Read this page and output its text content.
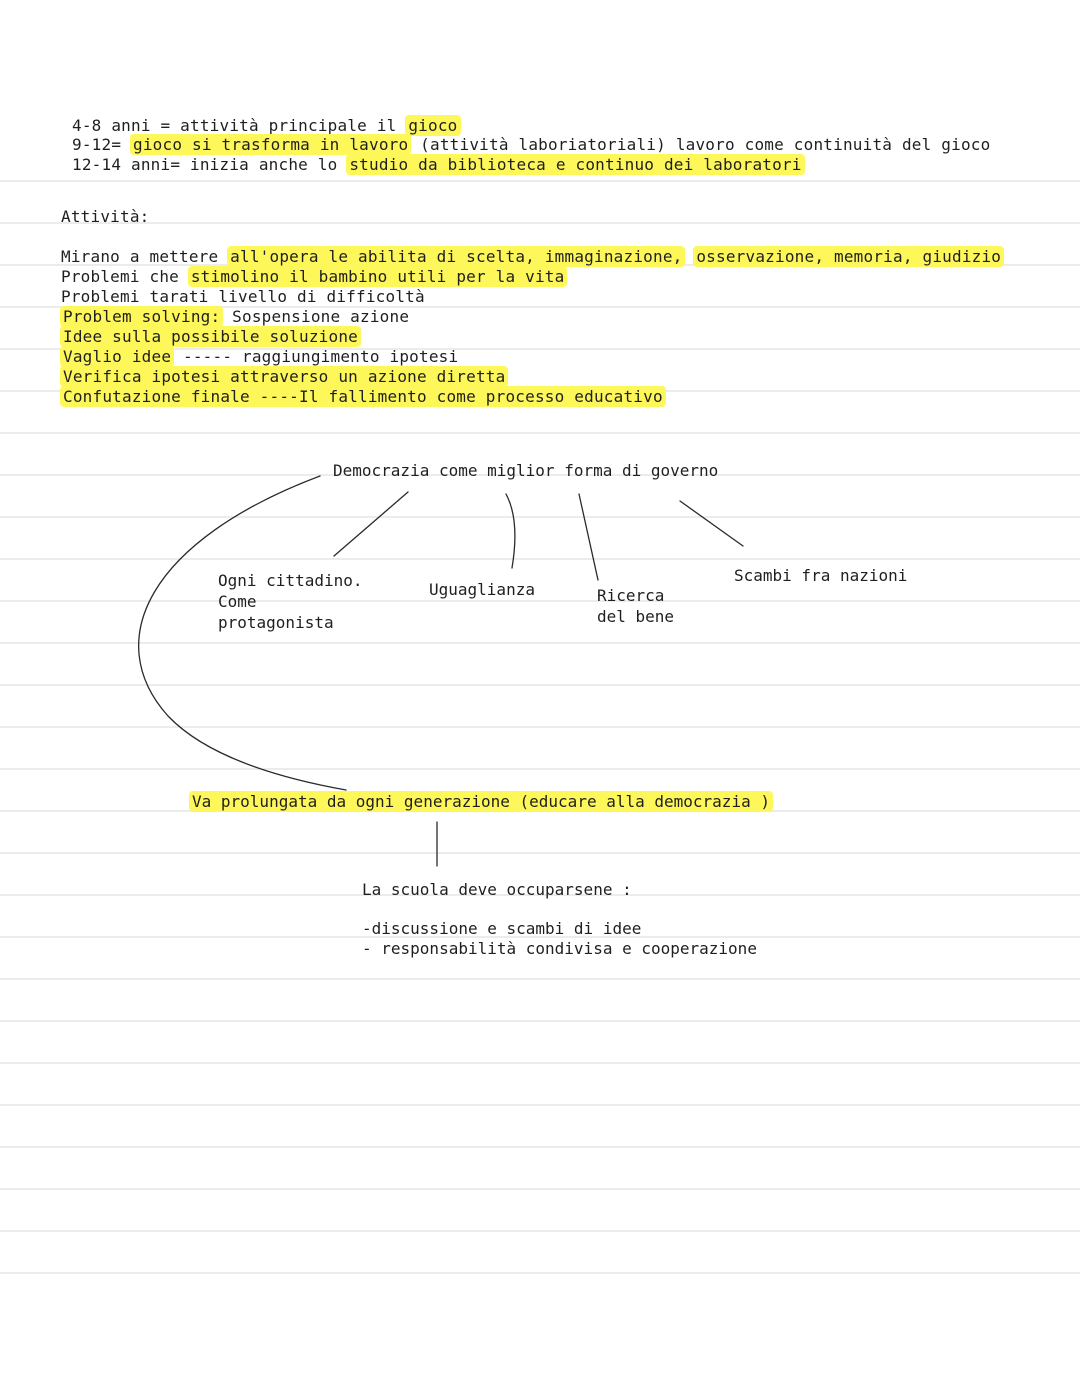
4-8 anni = attività principale il gioco
9-12= gioco si trasforma in lavoro (attività laboriatoriali) lavoro come continuità del gioco
12-14 anni= inizia anche lo studio da biblioteca e continuo dei laboratori
Attività:
Mirano a mettere all'opera le abilita di scelta, immaginazione, osservazione, memoria, giudizio
Problemi che stimolino il bambino utili per la vita
Problemi tarati livello di difficoltà
Problem solving: Sospensione azione
Idee sulla possibile soluzione
Vaglio idee ----- raggiungimento ipotesi
Verifica ipotesi attraverso un azione diretta
Confutazione finale ----Il fallimento come processo educativo
Democrazia come miglior forma di governo
Ogni cittadino.
Come
protagonista
Uguaglianza	Ricerca
del bene
Scambi fra nazioni
Va prolungata da ogni generazione (educare alla democrazia )
La scuola deve occuparsene :
-discussione e scambi di idee
- responsabilità condivisa e cooperazione
